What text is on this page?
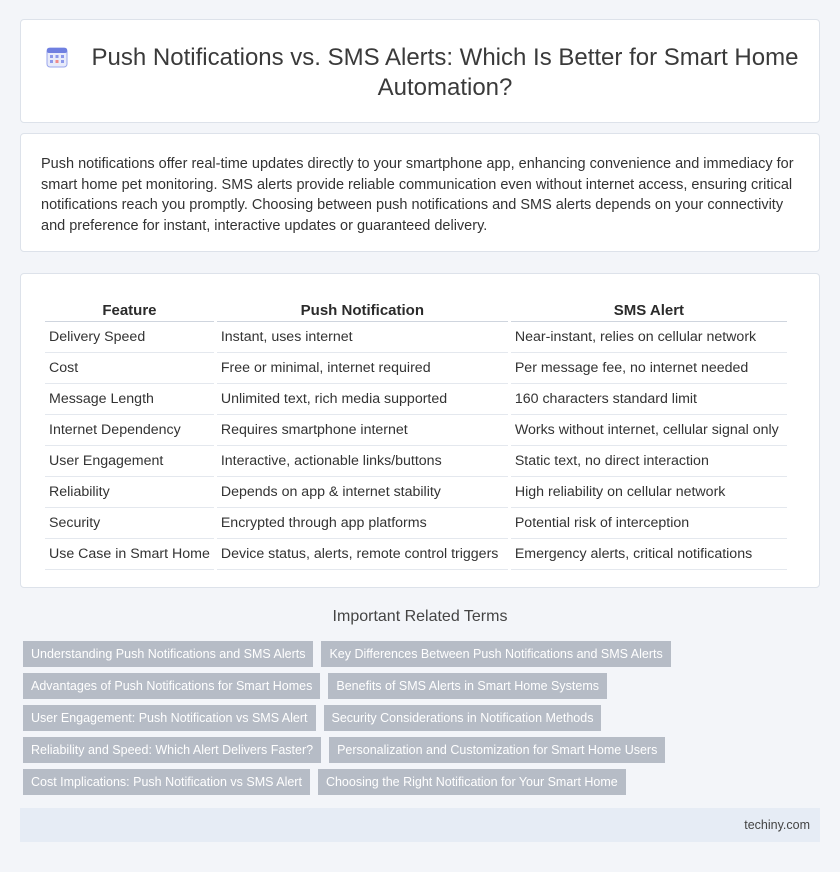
Push Notifications vs. SMS Alerts: Which Is Better for Smart Home Automation?

Push notifications offer real-time updates directly to your smartphone app, enhancing convenience and immediacy for smart home pet monitoring. SMS alerts provide reliable communication even without internet access, ensuring critical notifications reach you promptly. Choosing between push notifications and SMS alerts depends on your connectivity and preference for instant, interactive updates or guaranteed delivery.

Feature	Push Notification	SMS Alert
Delivery Speed	Instant, uses internet	Near-instant, relies on cellular network
Cost	Free or minimal, internet required	Per message fee, no internet needed
Message Length	Unlimited text, rich media supported	160 characters standard limit
Internet Dependency	Requires smartphone internet	Works without internet, cellular signal only
User Engagement	Interactive, actionable links/buttons	Static text, no direct interaction
Reliability	Depends on app & internet stability	High reliability on cellular network
Security	Encrypted through app platforms	Potential risk of interception
Use Case in Smart Home	Device status, alerts, remote control triggers	Emergency alerts, critical notifications
Important Related Terms
Understanding Push Notifications and SMS Alerts	Key Differences Between Push Notifications and SMS Alerts
Advantages of Push Notifications for Smart Homes	Benefits of SMS Alerts in Smart Home Systems
User Engagement: Push Notification vs SMS Alert	Security Considerations in Notification Methods
Reliability and Speed: Which Alert Delivers Faster?	Personalization and Customization for Smart Home Users
Cost Implications: Push Notification vs SMS Alert	Choosing the Right Notification for Your Smart Home
techiny.com
